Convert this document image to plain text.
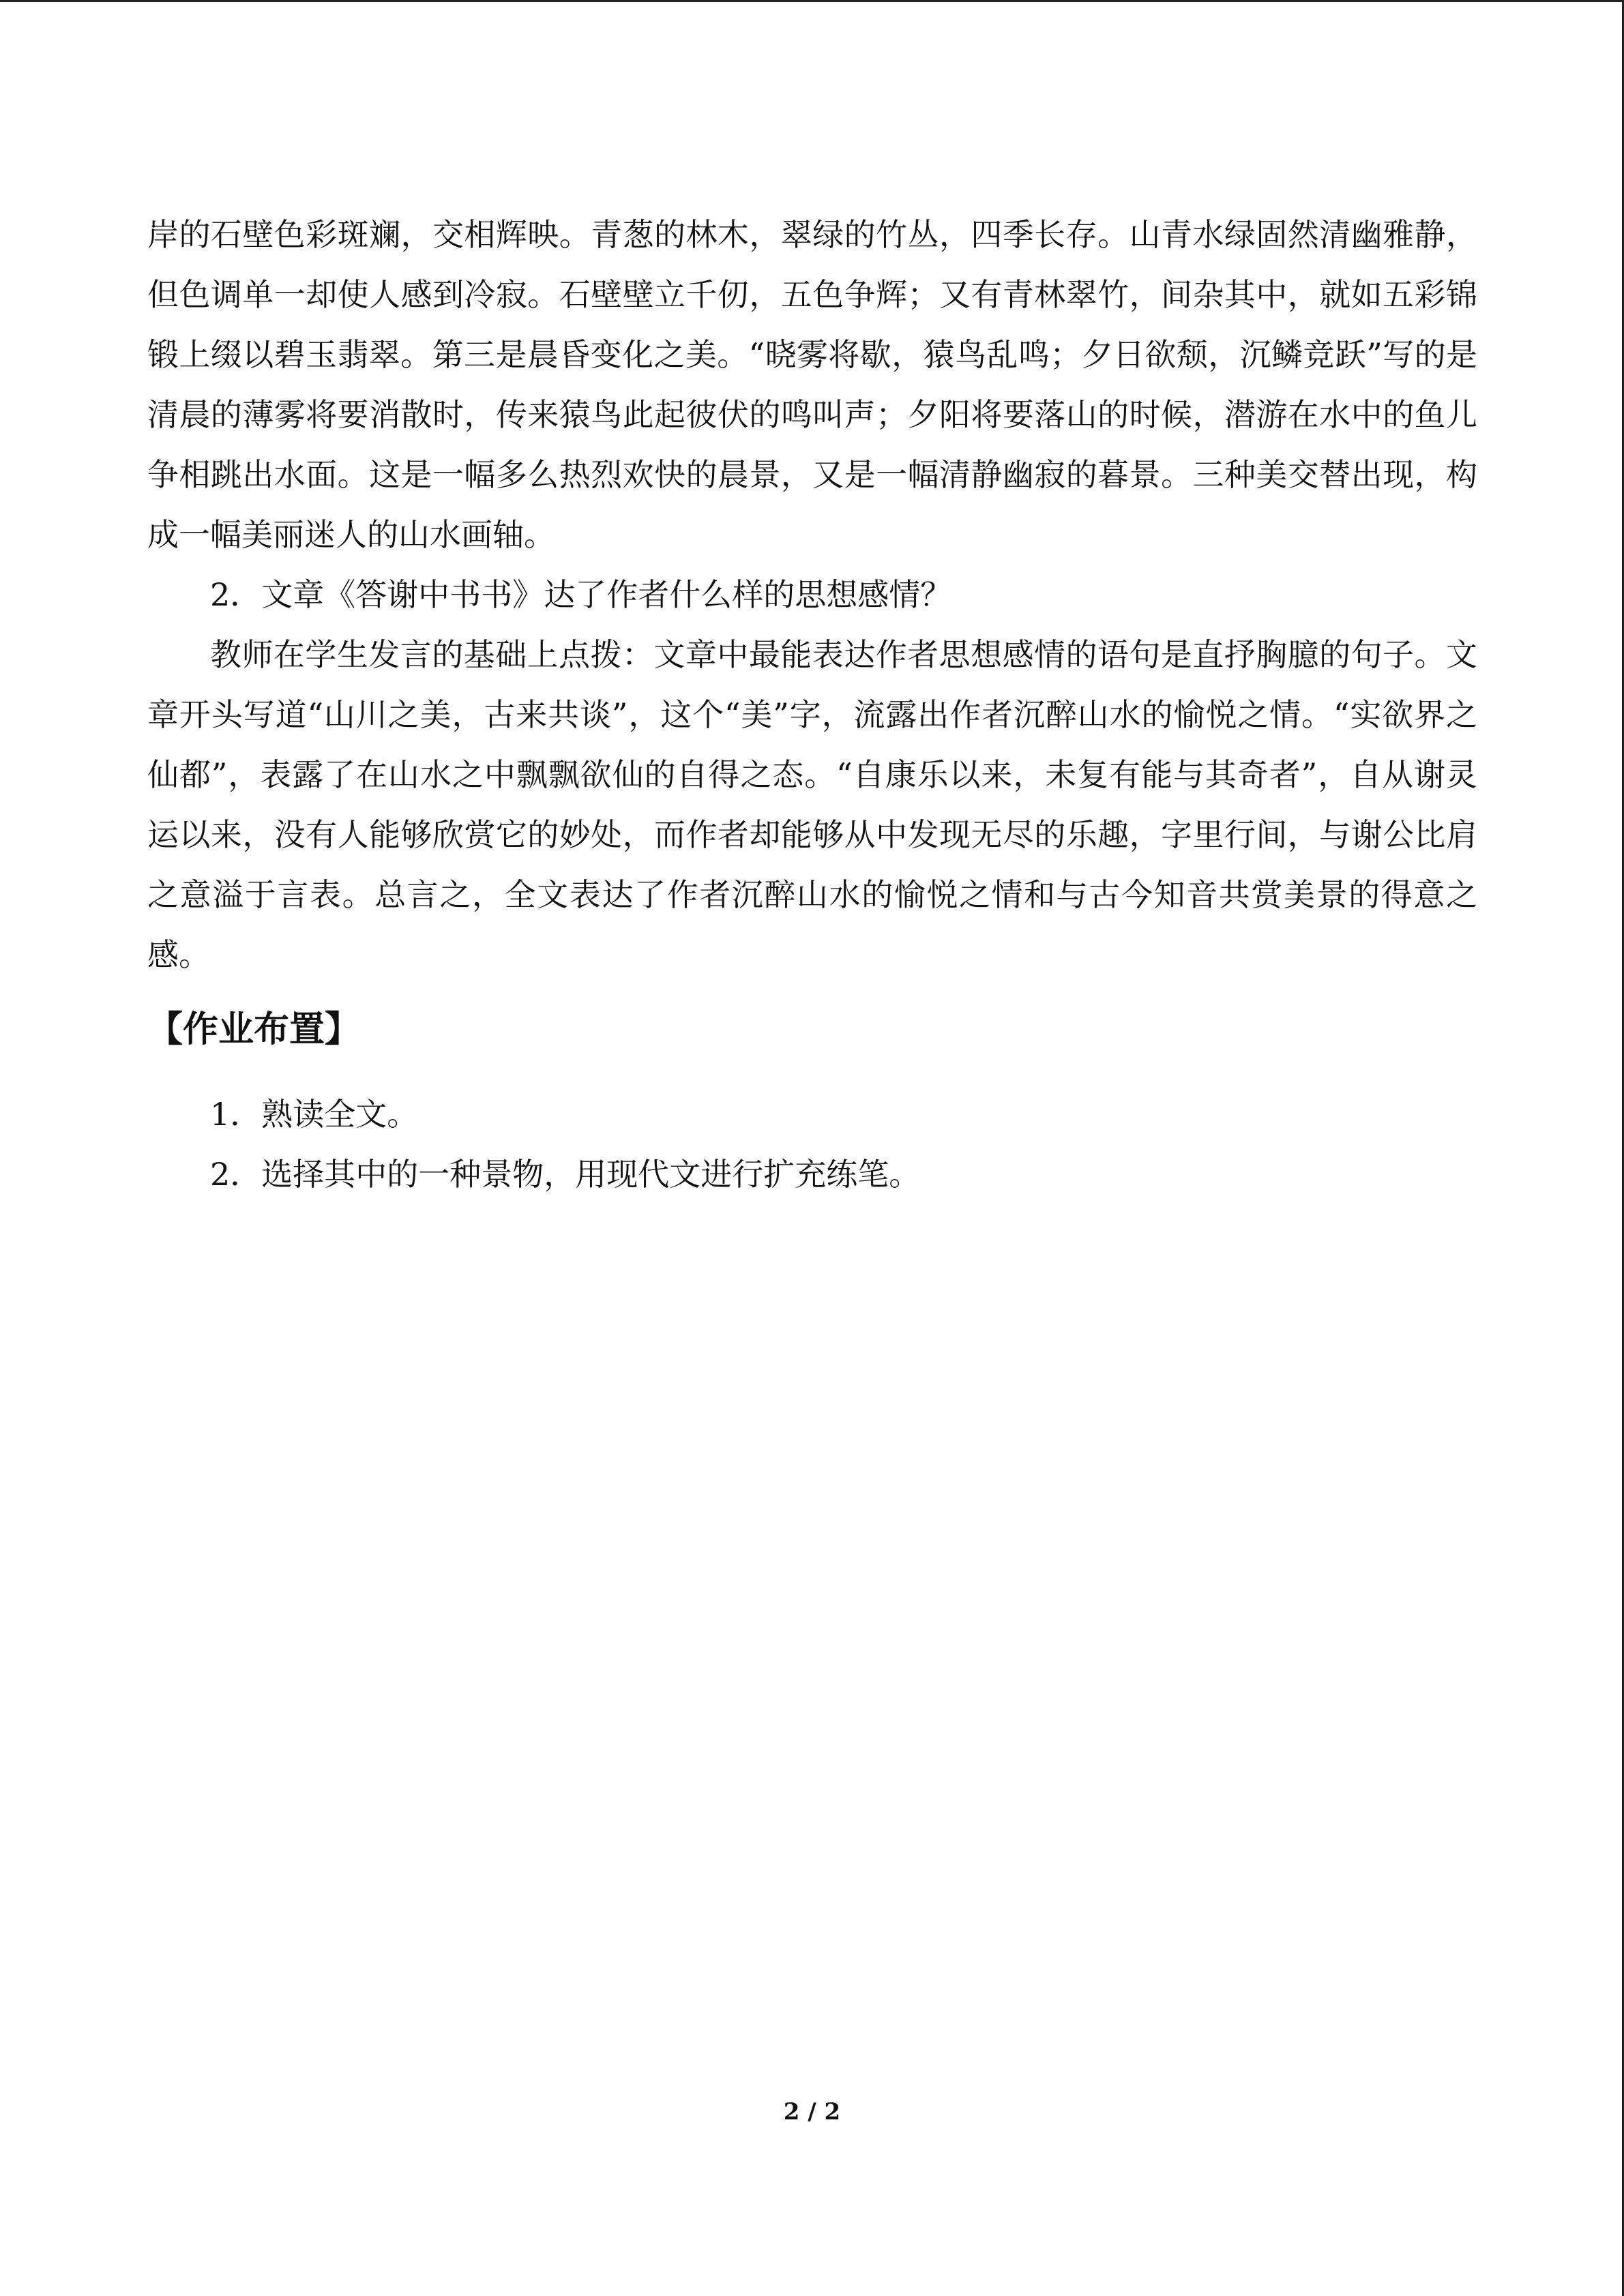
岸的石壁色彩斑斓，交相辉映。青葱的林木，翠绿的竹丛，四季长存。山青水绿固然清幽雅静，但色调单一却使人感到冷寂。石壁壁立千仞，五色争辉；又有青林翠竹，间杂其中，就如五彩锦锻上缀以碧玉翡翠。第三是晨昏变化之美。“晓雾将歇，猿鸟乱鸣；夕日欲颓，沉鳞竞跃”写的是清晨的薄雾将要消散时，传来猿鸟此起彼伏的鸣叫声；夕阳将要落山的时候，潜游在水中的鱼儿争相跳出水面。这是一幅多么热烈欢快的晨景，又是一幅清静幽寂的暮景。三种美交替出现，构成一幅美丽迷人的山水画轴。

2．文章《答谢中书书》达了作者什么样的思想感情？

教师在学生发言的基础上点拨：文章中最能表达作者思想感情的语句是直抒胸臆的句子。文章开头写道“山川之美，古来共谈”，这个“美”字，流露出作者沉醉山水的愉悦之情。“实欲界之仙都”，表露了在山水之中飘飘欲仙的自得之态。“自康乐以来，未复有能与其奇者”，自从谢灵运以来，没有人能够欣赏它的妙处，而作者却能够从中发现无尽的乐趣，字里行间，与谢公比肩之意溢于言表。总言之，全文表达了作者沉醉山水的愉悦之情和与古今知音共赏美景的得意之感。

【作业布置】

1．熟读全文。

2．选择其中的一种景物，用现代文进行扩充练笔。

2 / 2
